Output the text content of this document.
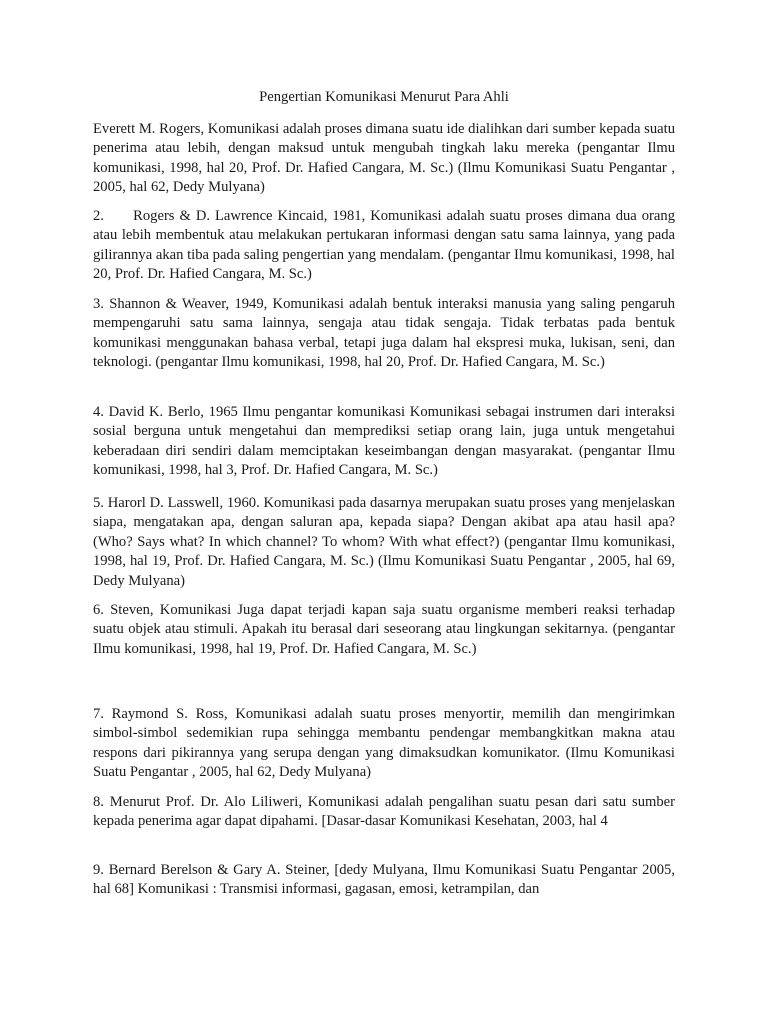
Pengertian Komunikasi Menurut Para Ahli

Everett M. Rogers, Komunikasi adalah proses dimana suatu ide dialihkan dari sumber kepada suatu penerima atau lebih, dengan maksud untuk mengubah tingkah laku mereka (pengantar Ilmu komunikasi, 1998, hal 20, Prof. Dr. Hafied Cangara, M. Sc.) (Ilmu Komunikasi Suatu Pengantar , 2005, hal 62, Dedy Mulyana)

2.  Rogers & D. Lawrence Kincaid, 1981, Komunikasi adalah suatu proses dimana dua orang atau lebih membentuk atau melakukan pertukaran informasi dengan satu sama lainnya, yang pada gilirannya akan tiba pada saling pengertian yang mendalam. (pengantar Ilmu komunikasi, 1998, hal 20, Prof. Dr. Hafied Cangara, M. Sc.)

3. Shannon & Weaver, 1949, Komunikasi adalah bentuk interaksi manusia yang saling pengaruh mempengaruhi satu sama lainnya, sengaja atau tidak sengaja. Tidak terbatas pada bentuk komunikasi menggunakan bahasa verbal, tetapi juga dalam hal ekspresi muka, lukisan, seni, dan teknologi. (pengantar Ilmu komunikasi, 1998, hal 20, Prof. Dr. Hafied Cangara, M. Sc.)

4. David K. Berlo, 1965 Ilmu pengantar komunikasi Komunikasi sebagai instrumen dari interaksi sosial berguna untuk mengetahui dan memprediksi setiap orang lain, juga untuk mengetahui keberadaan diri sendiri dalam memciptakan keseimbangan dengan masyarakat. (pengantar Ilmu komunikasi, 1998, hal 3, Prof. Dr. Hafied Cangara, M. Sc.)

5. Harorl D. Lasswell, 1960. Komunikasi pada dasarnya merupakan suatu proses yang menjelaskan siapa, mengatakan apa, dengan saluran apa, kepada siapa? Dengan akibat apa atau hasil apa? (Who? Says what? In which channel? To whom? With what effect?) (pengantar Ilmu komunikasi, 1998, hal 19, Prof. Dr. Hafied Cangara, M. Sc.) (Ilmu Komunikasi Suatu Pengantar , 2005, hal 69, Dedy Mulyana)

6. Steven, Komunikasi Juga dapat terjadi kapan saja suatu organisme memberi reaksi terhadap suatu objek atau stimuli. Apakah itu berasal dari seseorang atau lingkungan sekitarnya. (pengantar Ilmu komunikasi, 1998, hal 19, Prof. Dr. Hafied Cangara, M. Sc.)

7. Raymond S. Ross, Komunikasi adalah suatu proses menyortir, memilih dan mengirimkan simbol-simbol sedemikian rupa sehingga membantu pendengar membangkitkan makna atau respons dari pikirannya yang serupa dengan yang dimaksudkan komunikator. (Ilmu Komunikasi Suatu Pengantar , 2005, hal 62, Dedy Mulyana)

8. Menurut Prof. Dr. Alo Liliweri, Komunikasi adalah pengalihan suatu pesan dari satu sumber kepada penerima agar dapat dipahami. [Dasar-dasar Komunikasi Kesehatan, 2003, hal 4

9. Bernard Berelson & Gary A. Steiner, [dedy Mulyana, Ilmu Komunikasi Suatu Pengantar 2005, hal 68] Komunikasi : Transmisi informasi, gagasan, emosi, ketrampilan, dan
